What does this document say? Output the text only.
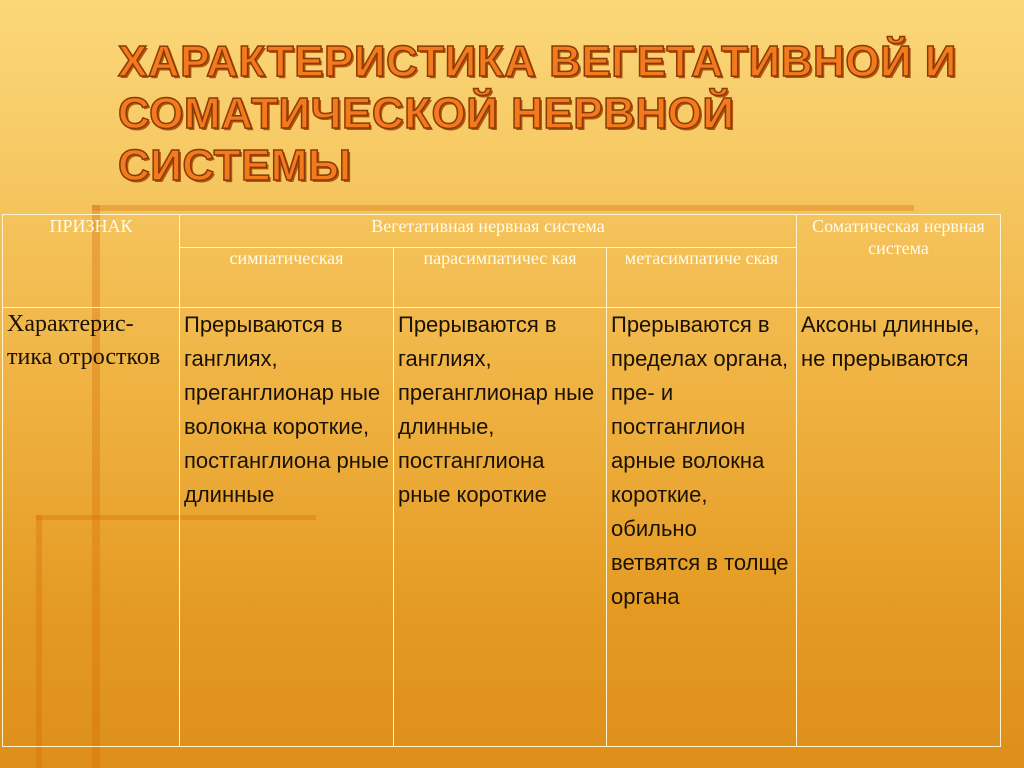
ХАРАКТЕРИСТИКА ВЕГЕТАТИВНОЙ И СОМАТИЧЕСКОЙ НЕРВНОЙ СИСТЕМЫ
ПРИЗНАК	Вегетативная нервная система			Соматическая нервная система
	симпатическая	парасимпатичес кая	метасимпатиче ская	
Характерис-тика отростков	Прерываются в ганглиях, преганглионар ные волокна короткие, постганглиона рные длинные	Прерываются в ганглиях, преганглионар ные длинные, постганглиона рные короткие	Прерываются в пределах органа, пре- и постганглион арные волокна короткие, обильно ветвятся в толще органа	Аксоны длинные, не прерываются
